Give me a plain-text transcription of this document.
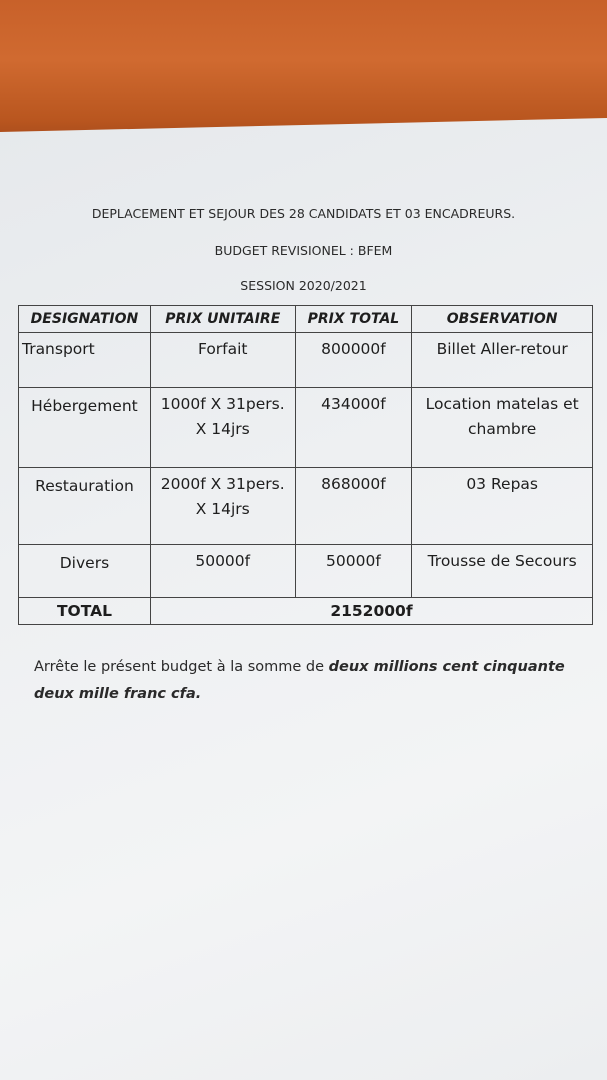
DEPLACEMENT ET SEJOUR DES 28 CANDIDATS ET 03 ENCADREURS.
BUDGET REVISIONEL : BFEM
SESSION 2020/2021
DESIGNATION	PRIX UNITAIRE	PRIX TOTAL	OBSERVATION
Transport	Forfait	800000f	Billet Aller-retour
Hébergement	1000f X 31pers. X 14jrs	434000f	Location matelas et chambre
Restauration	2000f X 31pers. X 14jrs	868000f	03 Repas
Divers	50000f	50000f	Trousse de Secours
TOTAL	2152000f		
Arrête le présent budget à la somme de deux millions cent cinquante deux mille franc cfa.
